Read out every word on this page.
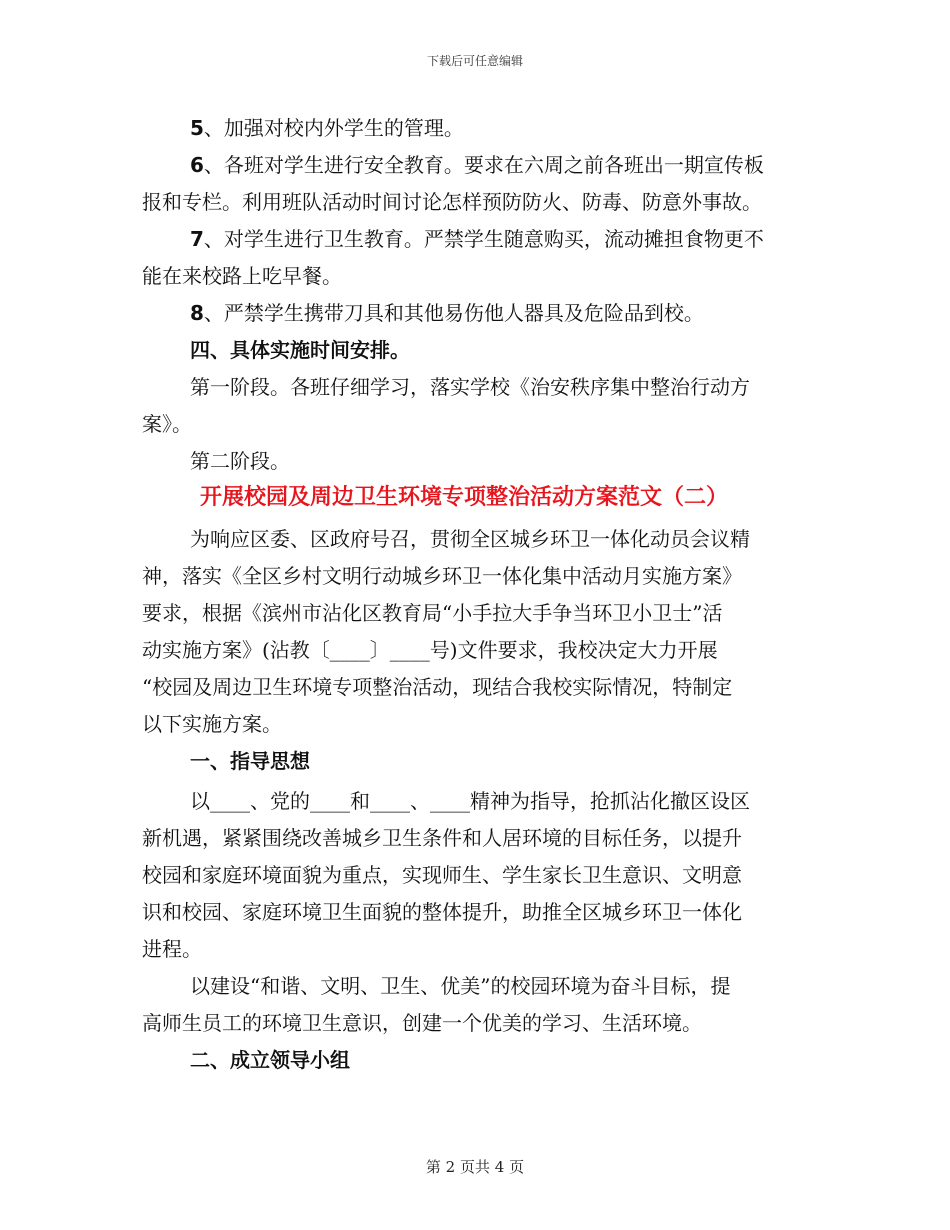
下载后可任意编辑
5、加强对校内外学生的管理。
6、各班对学生进行安全教育。要求在六周之前各班出一期宣传板
报和专栏。利用班队活动时间讨论怎样预防防火、防毒、防意外事故。
7、对学生进行卫生教育。严禁学生随意购买，流动摊担食物更不
能在来校路上吃早餐。
8、严禁学生携带刀具和其他易伤他人器具及危险品到校。
四、具体实施时间安排。
第一阶段。各班仔细学习，落实学校《治安秩序集中整治行动方
案》。
第二阶段。
开展校园及周边卫生环境专项整治活动方案范文（二）
为响应区委、区政府号召，贯彻全区城乡环卫一体化动员会议精
神，落实《全区乡村文明行动城乡环卫一体化集中活动月实施方案》
要求，根据《滨州市沾化区教育局“小手拉大手争当环卫小卫士”活
动实施方案》(沾教〔____〕____号)文件要求，我校决定大力开展
“校园及周边卫生环境专项整治活动，现结合我校实际情况，特制定
以下实施方案。
一、指导思想
以____、党的____和____、____精神为指导，抢抓沾化撤区设区
新机遇，紧紧围绕改善城乡卫生条件和人居环境的目标任务，以提升
校园和家庭环境面貌为重点，实现师生、学生家长卫生意识、文明意
识和校园、家庭环境卫生面貌的整体提升，助推全区城乡环卫一体化
进程。
以建设“和谐、文明、卫生、优美”的校园环境为奋斗目标，提
高师生员工的环境卫生意识，创建一个优美的学习、生活环境。
二、成立领导小组
第 2 页共 4 页
